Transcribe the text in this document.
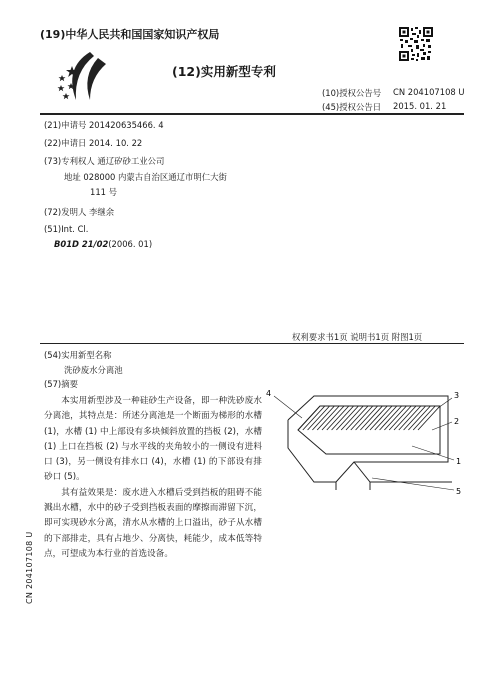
(19)中华人民共和国国家知识产权局
(12)实用新型专利
(10)授权公告号 CN 204107108 U
(45)授权公告日 2015. 01. 21
(21)申请号 201420635466. 4
(22)申请日 2014. 10. 22
(73)专利权人 通辽矽砂工业公司
地址 028000 内蒙古自治区通辽市明仁大街
111 号
(72)发明人 李继余
(51)Int. Cl.
B01D 21/02(2006. 01)
权利要求书1页 说明书1页 附图1页
(54)实用新型名称
洗砂废水分离池
(57)摘要

本实用新型涉及一种硅砂生产设备，即一种洗砂废水分离池，其特点是：所述分离池是一个断面为梯形的水槽 (1)，水槽 (1) 中上部设有多块倾斜放置的挡板 (2)，水槽 (1) 上口在挡板 (2) 与水平线的夹角较小的一侧设有进料口 (3)，另一侧设有排水口 (4)，水槽 (1) 的下部设有排砂口 (5)。

其有益效果是：废水进入水槽后受到挡板的阻碍不能溅出水槽，水中的砂子受到挡板表面的摩擦而滞留下沉，即可实现砂水分离，清水从水槽的上口溢出，砂子从水槽的下部排走，具有占地少、分离快，耗能少，成本低等特点，可望成为本行业的首选设备。

4	3
2
1
5
CN 204107108 U
